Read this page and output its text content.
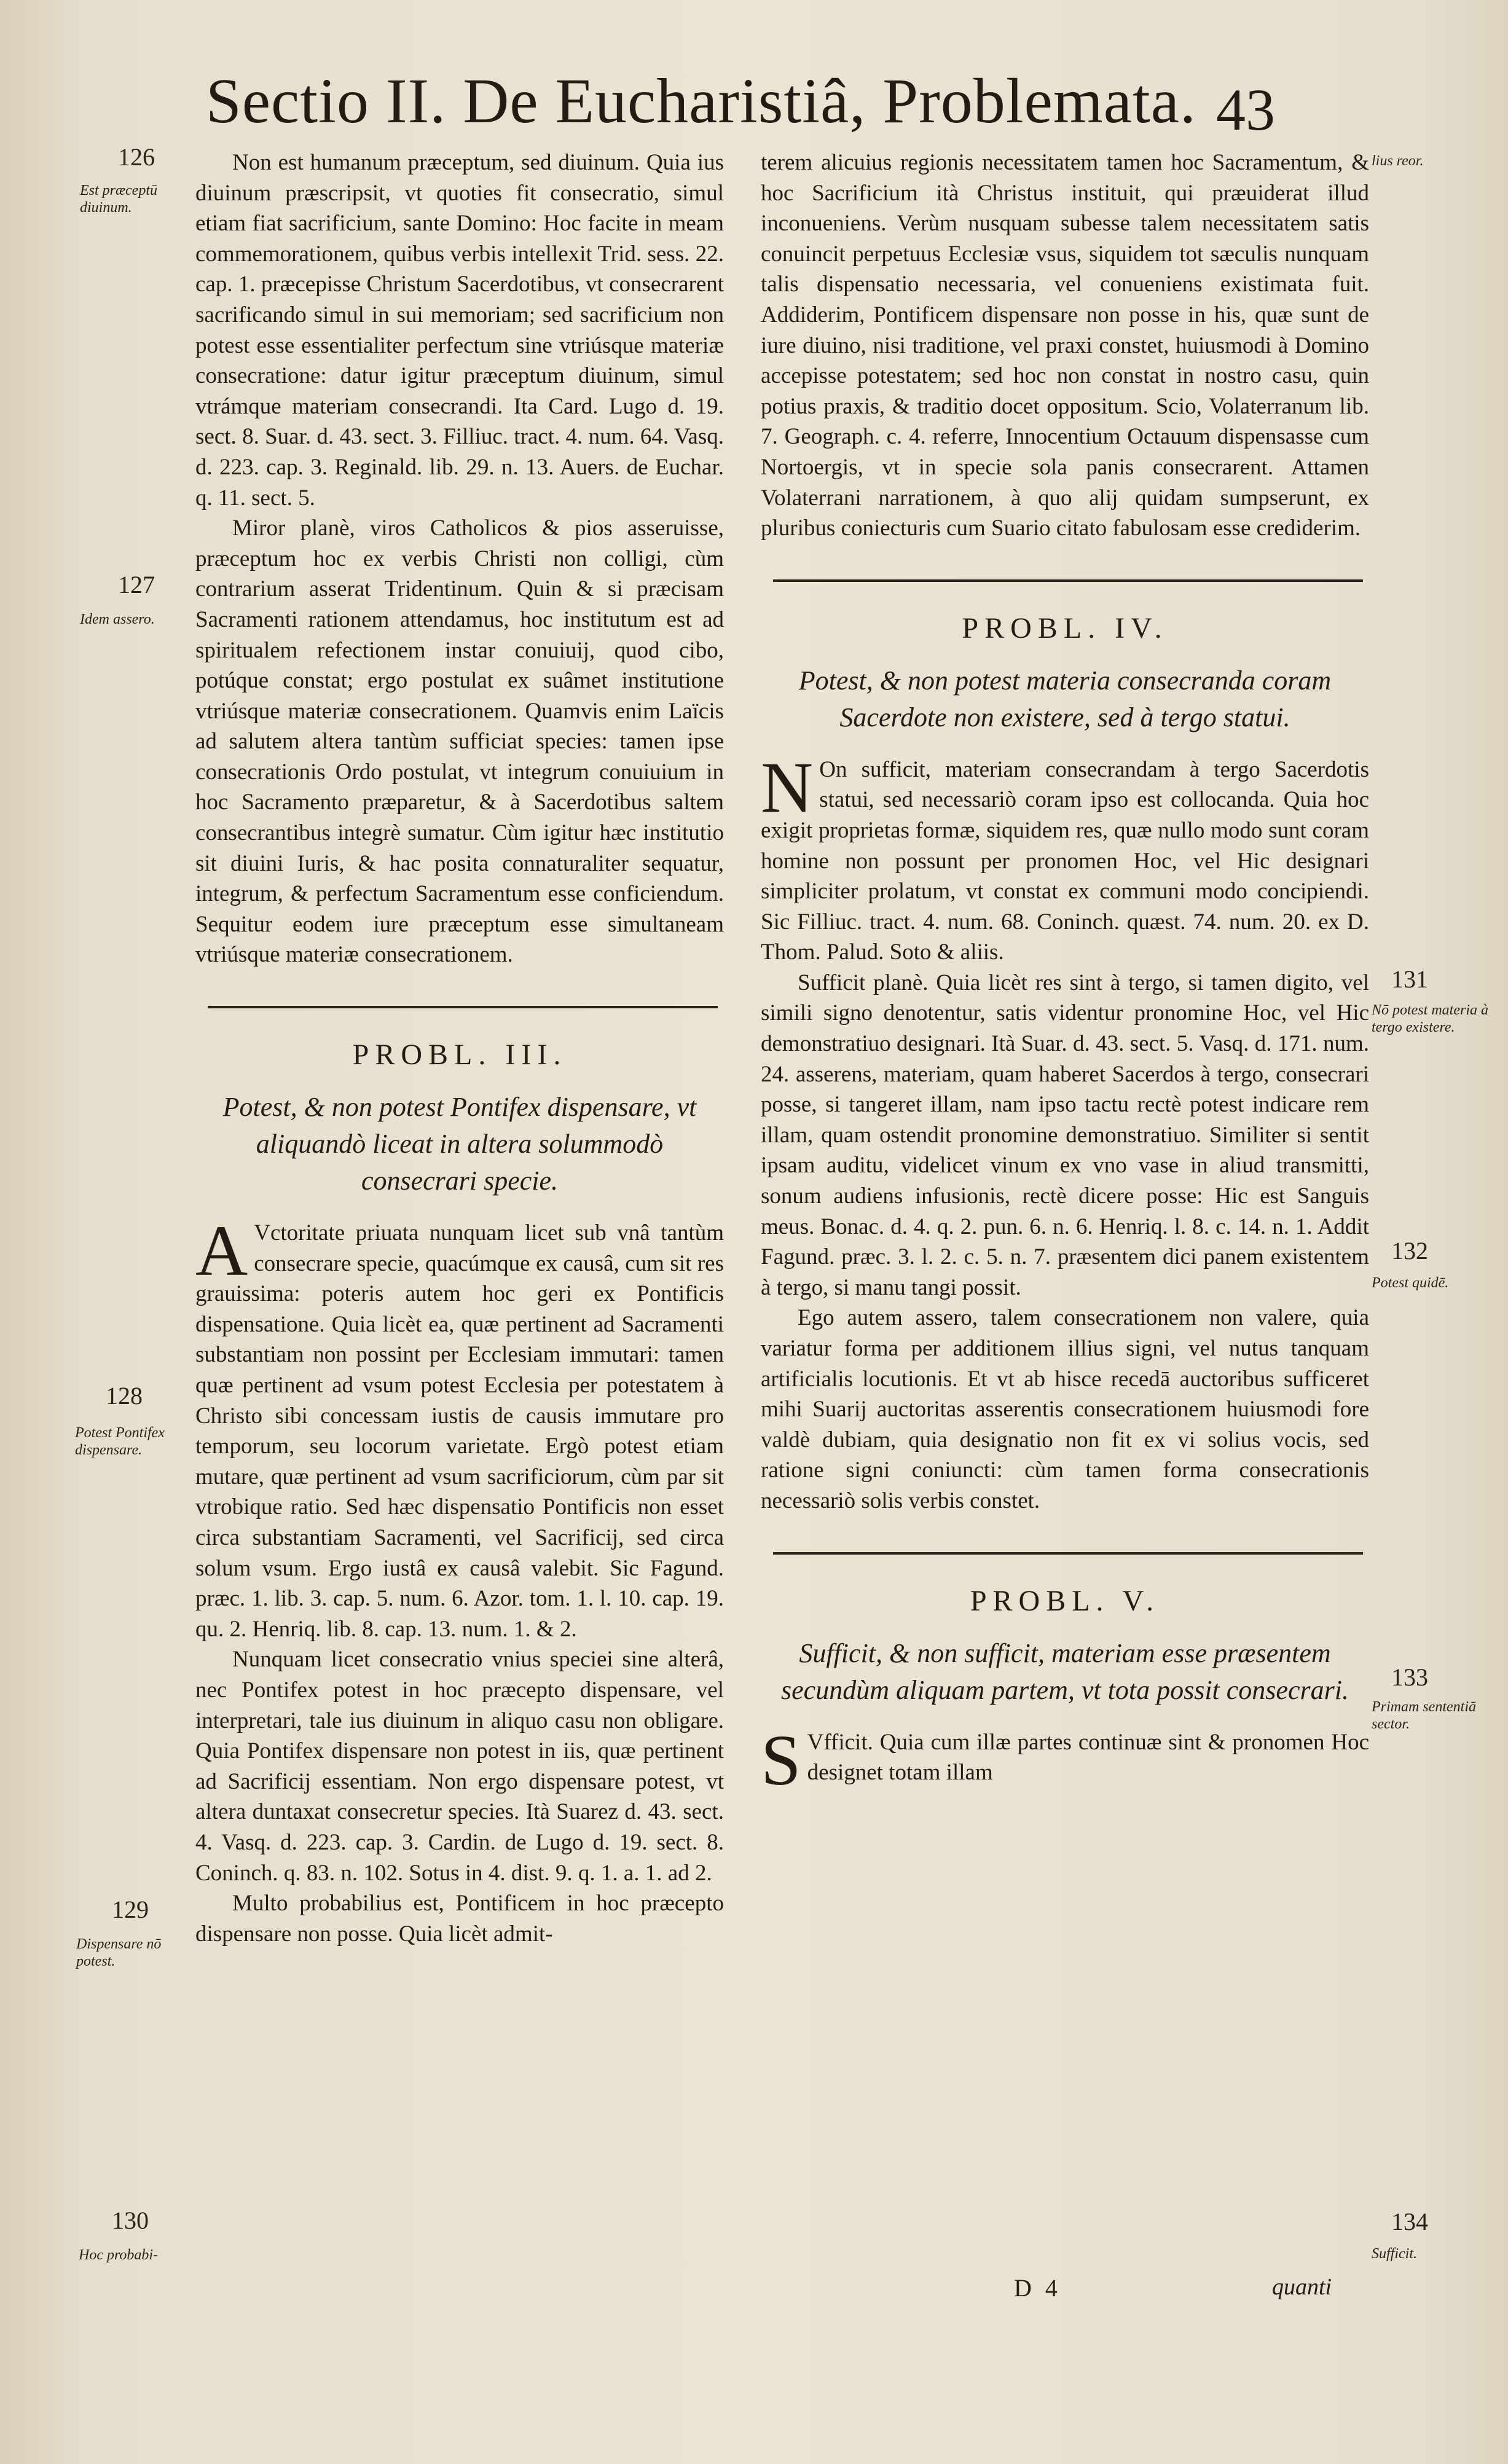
Sectio II. De Eucharistiâ, Problemata. 43

Non est humanum præceptum, sed diuinum. Quia ius diuinum præscripsit, vt quoties fit consecratio, simul etiam fiat sacrificium, sante Domino: Hoc facite in meam commemorationem, quibus verbis intellexit Trid. sess. 22. cap. 1. præcepisse Christum Sacerdotibus, vt consecrarent sacrificando simul in sui memoriam; sed sacrificium non potest esse essentialiter perfectum sine vtriúsque materiæ consecratione: datur igitur præceptum diuinum, simul vtrámque materiam consecrandi. Ita Card. Lugo d. 19. sect. 8. Suar. d. 43. sect. 3. Filliuc. tract. 4. num. 64. Vasq. d. 223. cap. 3. Reginald. lib. 29. n. 13. Auers. de Euchar. q. 11. sect. 5.

Miror planè, viros Catholicos & pios asseruisse, præceptum hoc ex verbis Christi non colligi, cùm contrarium asserat Tridentinum. Quin & si præcisam Sacramenti rationem attendamus, hoc institutum est ad spiritualem refectionem instar conuiuij, quod cibo, potúque constat; ergo postulat ex suâmet institutione vtriúsque materiæ consecrationem. Quamvis enim Laïcis ad salutem altera tantùm sufficiat species: tamen ipse consecrationis Ordo postulat, vt integrum conuiuium in hoc Sacramento præparetur, & à Sacerdotibus saltem consecrantibus integrè sumatur. Cùm igitur hæc institutio sit diuini Iuris, & hac posita connaturaliter sequatur, integrum, & perfectum Sacramentum esse conficiendum. Sequitur eodem iure præceptum esse simultaneam vtriúsque materiæ consecrationem.

PROBL. III.
Potest, & non potest Pontifex dispensare, vt aliquandò liceat in altera solummodò consecrari specie.

A Vctoritate priuata nunquam licet sub vnâ tantùm consecrare specie, quacúmque ex causâ, cum sit res grauissima: poteris autem hoc geri ex Pontificis dispensatione. Quia licèt ea, quæ pertinent ad Sacramenti substantiam non possint per Ecclesiam immutari: tamen quæ pertinent ad vsum potest Ecclesia per potestatem à Christo sibi concessam iustis de causis immutare pro temporum, seu locorum varietate. Ergò potest etiam mutare, quæ pertinent ad vsum sacrificiorum, cùm par sit vtrobique ratio. Sed hæc dispensatio Pontificis non esset circa substantiam Sacramenti, vel Sacrificij, sed circa solum vsum. Ergo iustâ ex causâ valebit. Sic Fagund. præc. 1. lib. 3. cap. 5. num. 6. Azor. tom. 1. l. 10. cap. 19. qu. 2. Henriq. lib. 8. cap. 13. num. 1. & 2.

Nunquam licet consecratio vnius speciei sine alterâ, nec Pontifex potest in hoc præcepto dispensare, vel interpretari, tale ius diuinum in aliquo casu non obligare. Quia Pontifex dispensare non potest in iis, quæ pertinent ad Sacrificij essentiam. Non ergo dispensare potest, vt altera duntaxat consecretur species. Ità Suarez d. 43. sect. 4. Vasq. d. 223. cap. 3. Cardin. de Lugo d. 19. sect. 8. Coninch. q. 83. n. 102. Sotus in 4. dist. 9. q. 1. a. 1. ad 2.

Multo probabilius est, Pontificem in hoc præcepto dispensare non posse. Quia licèt admit-

terem alicuius regionis necessitatem tamen hoc Sacramentum, & hoc Sacrificium ità Christus instituit, qui præuiderat illud inconueniens. Verùm nusquam subesse talem necessitatem satis conuincit perpetuus Ecclesiæ vsus, siquidem tot sæculis nunquam talis dispensatio necessaria, vel conueniens existimata fuit. Addiderim, Pontificem dispensare non posse in his, quæ sunt de iure diuino, nisi traditione, vel praxi constet, huiusmodi à Domino accepisse potestatem; sed hoc non constat in nostro casu, quin potius praxis, & traditio docet oppositum. Scio, Volaterranum lib. 7. Geograph. c. 4. referre, Innocentium Octauum dispensasse cum Nortoergis, vt in specie sola panis consecrarent. Attamen Volaterrani narrationem, à quo alij quidam sumpserunt, ex pluribus coniecturis cum Suario citato fabulosam esse crediderim.

PROBL. IV.
Potest, & non potest materia consecranda coram Sacerdote non existere, sed à tergo statui.

N On sufficit, materiam consecrandam à tergo Sacerdotis statui, sed necessariò coram ipso est collocanda. Quia hoc exigit proprietas formæ, siquidem res, quæ nullo modo sunt coram homine non possunt per pronomen Hoc, vel Hic designari simpliciter prolatum, vt constat ex communi modo concipiendi. Sic Filliuc. tract. 4. num. 68. Coninch. quæst. 74. num. 20. ex D. Thom. Palud. Soto & aliis.

Sufficit planè. Quia licèt res sint à tergo, si tamen digito, vel simili signo denotentur, satis videntur pronomine Hoc, vel Hic demonstratiuo designari. Ità Suar. d. 43. sect. 5. Vasq. d. 171. num. 24. asserens, materiam, quam haberet Sacerdos à tergo, consecrari posse, si tangeret illam, nam ipso tactu rectè potest indicare rem illam, quam ostendit pronomine demonstratiuo. Similiter si sentit ipsam auditu, videlicet vinum ex vno vase in aliud transmitti, sonum audiens infusionis, rectè dicere posse: Hic est Sanguis meus. Bonac. d. 4. q. 2. pun. 6. n. 6. Henriq. l. 8. c. 14. n. 1. Addit Fagund. præc. 3. l. 2. c. 5. n. 7. præsentem dici panem existentem à tergo, si manu tangi possit.

Ego autem assero, talem consecrationem non valere, quia variatur forma per additionem illius signi, vel nutus tanquam artificialis locutionis. Et vt ab hisce recedā auctoribus sufficeret mihi Suarij auctoritas asserentis consecrationem huiusmodi fore valdè dubiam, quia designatio non fit ex vi solius vocis, sed ratione signi coniuncti: cùm tamen forma consecrationis necessariò solis verbis constet.

PROBL. V.
Sufficit, & non sufficit, materiam esse præsentem secundùm aliquam partem, vt tota possit consecrari.

S Vfficit. Quia cum illæ partes continuæ sint & pronomen Hoc designet totam illam

126
Est præceptū diuinum.
127
Idem assero.
128
Potest Pontifex dispensare.
129
Dispensare nō potest.
130
Hoc probabi-
lius reor.
131
Nō potest materia à tergo existere.
132
Potest quidē.
133
Primam sententiā sector.
134
Sufficit.
D 4	quanti
